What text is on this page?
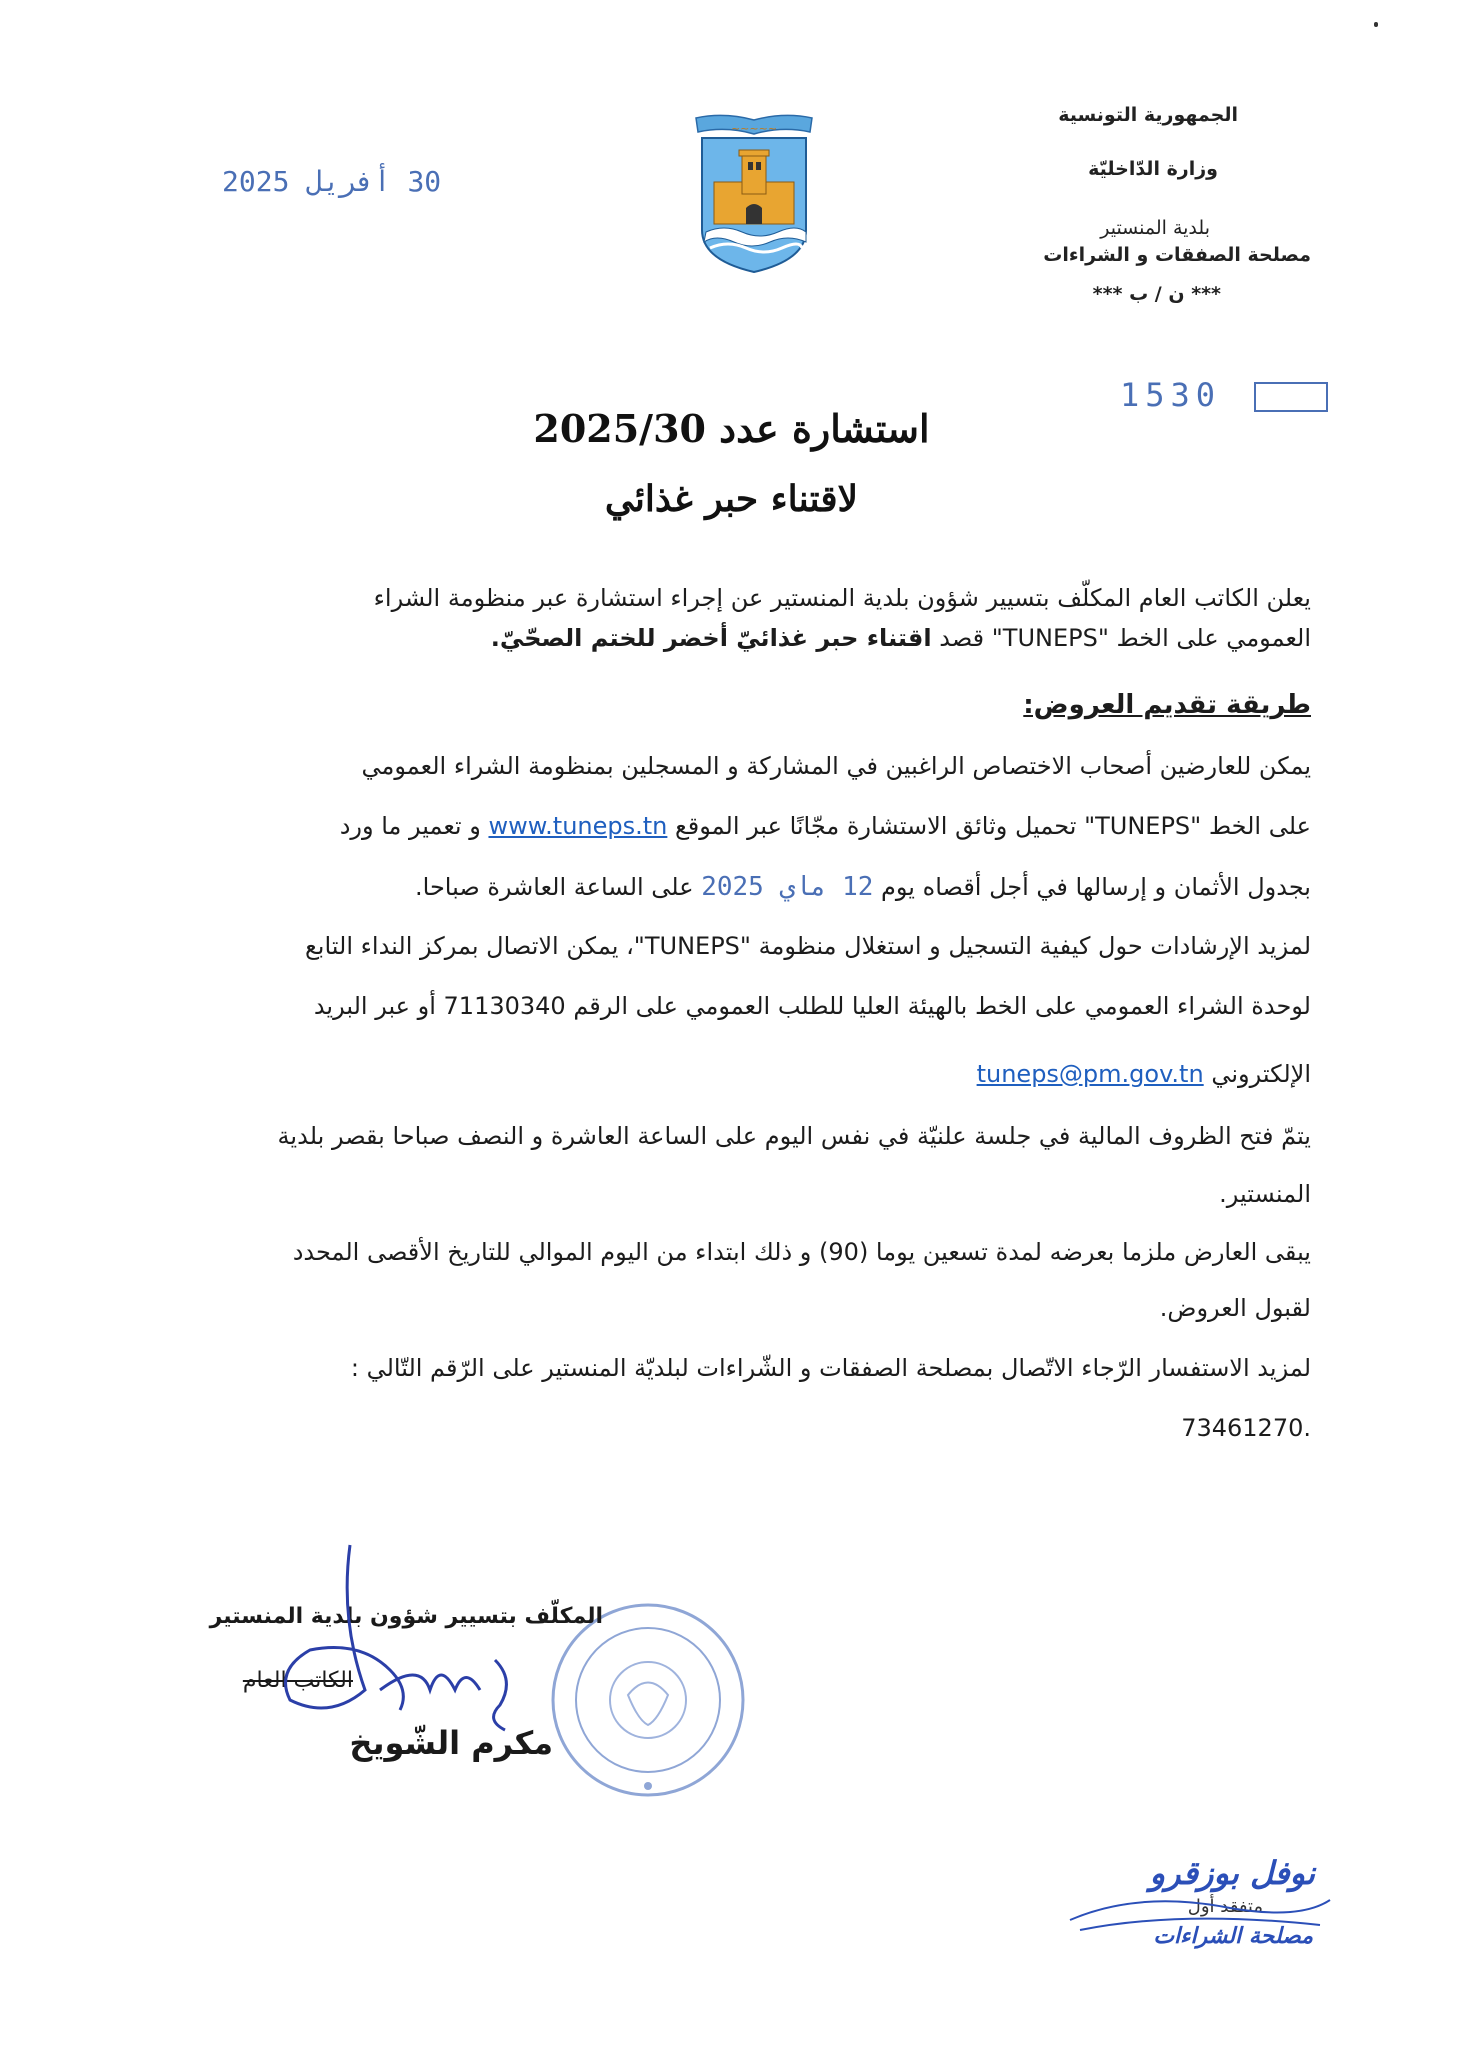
الجمهورية التونسية
وزارة الدّاخليّة
بلدية المنستير
مصلحة الصفقات و الشراءات
*** ن / ب ***
~~~~~
30 أفريل 2025
1530
استشارة عدد 2025/30
لاقتناء حبر غذائي
يعلن الكاتب العام المكلّف بتسيير شؤون بلدية المنستير عن إجراء استشارة عبر منظومة الشراء
العمومي على الخط "TUNEPS" قصد اقتناء حبر غذائيّ أخضر للختم الصحّيّ.
طريقة تقديم العروض:
يمكن للعارضين أصحاب الاختصاص الراغبين في المشاركة و المسجلين بمنظومة الشراء العمومي
على الخط "TUNEPS" تحميل وثائق الاستشارة مجّانًا عبر الموقع www.tuneps.tn و تعمير ما ورد
بجدول الأثمان و إرسالها في أجل أقصاه يوم 12 ماي 2025 على الساعة العاشرة صباحا.
لمزيد الإرشادات حول كيفية التسجيل و استغلال منظومة "TUNEPS"، يمكن الاتصال بمركز النداء التابع
لوحدة الشراء العمومي على الخط بالهيئة العليا للطلب العمومي على الرقم 71130340 أو عبر البريد
الإلكتروني tuneps@pm.gov.tn
يتمّ فتح الظروف المالية في جلسة علنيّة في نفس اليوم على الساعة العاشرة و النصف صباحا بقصر بلدية
المنستير.
يبقى العارض ملزما بعرضه لمدة تسعين يوما (90) و ذلك ابتداء من اليوم الموالي للتاريخ الأقصى المحدد
لقبول العروض.
لمزيد الاستفسار الرّجاء الاتّصال بمصلحة الصفقات و الشّراءات لبلديّة المنستير على الرّقم التّالي :
.73461270
المكلّف بتسيير شؤون بلدية المنستير
الكاتب العام
مكرم الشّويخ
نوفل بوزقرو
متفقد أول
مصلحة الشراءات
